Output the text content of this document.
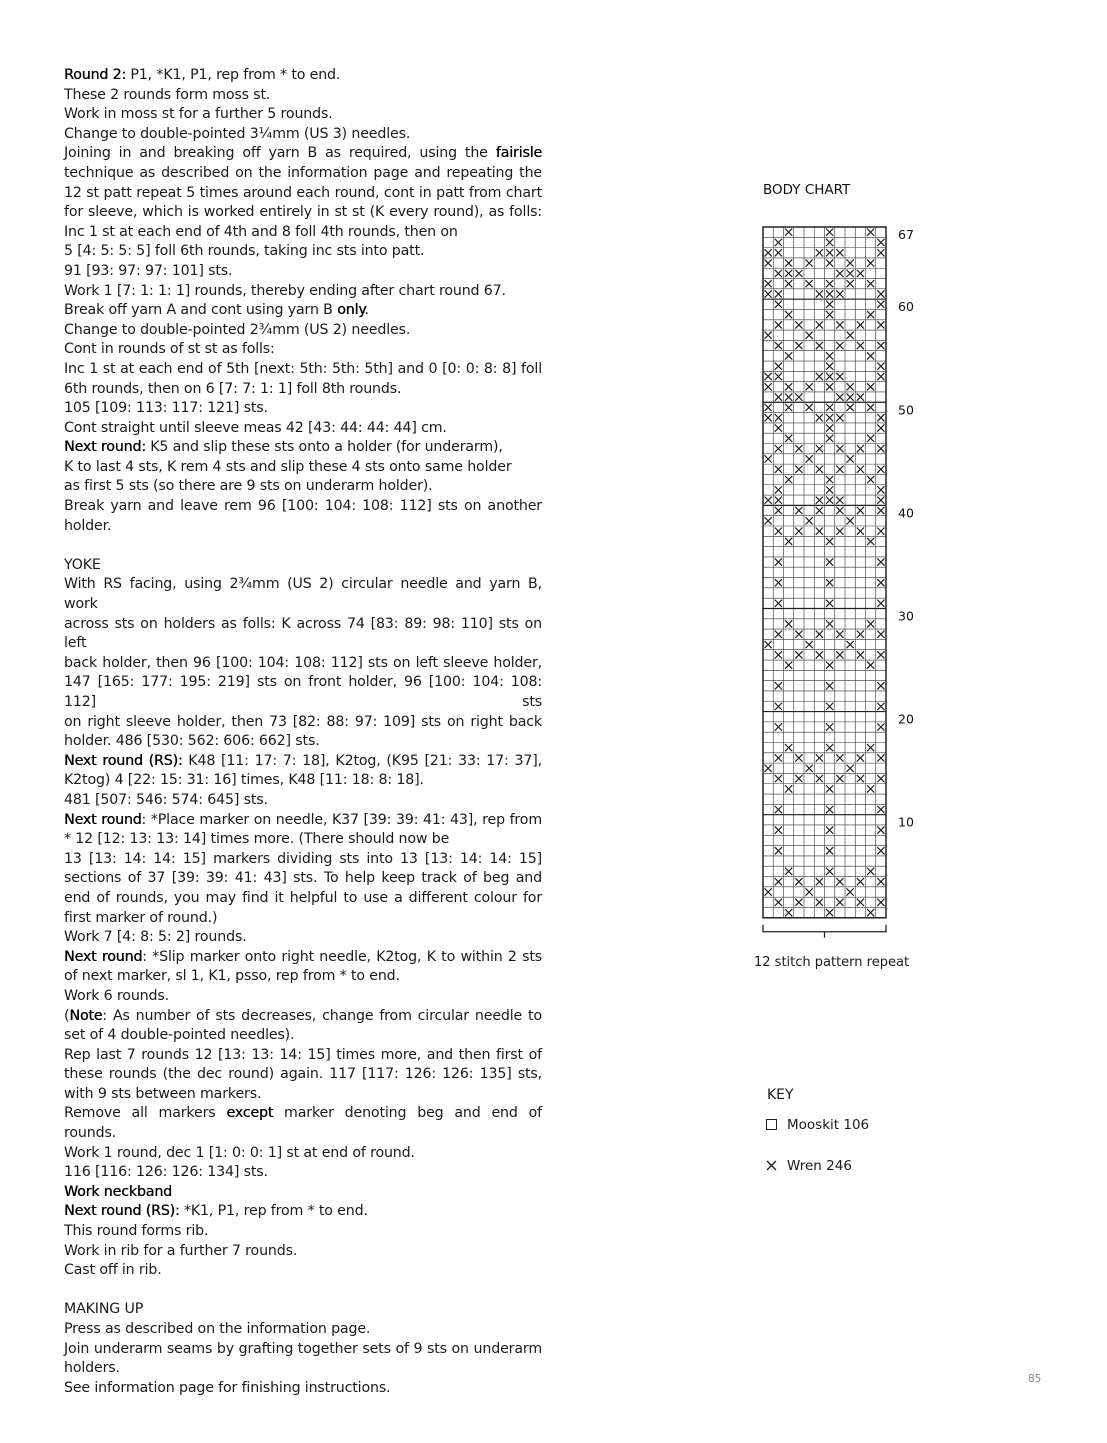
Round 2: P1, *K1, P1, rep from * to end.
These 2 rounds form moss st.
Work in moss st for a further 5 rounds.
Change to double-pointed 3¼mm (US 3) needles.
Joining in and breaking off yarn B as required, using the fairisle
technique as described on the information page and repeating the
12 st patt repeat 5 times around each round, cont in patt from chart
for sleeve, which is worked entirely in st st (K every round), as folls:
Inc 1 st at each end of 4th and 8 foll 4th rounds, then on
5 [4: 5: 5: 5] foll 6th rounds, taking inc sts into patt.
91 [93: 97: 97: 101] sts.
Work 1 [7: 1: 1: 1] rounds, thereby ending after chart round 67.
Break off yarn A and cont using yarn B only.
Change to double-pointed 2¾mm (US 2) needles.
Cont in rounds of st st as folls:
Inc 1 st at each end of 5th [next: 5th: 5th: 5th] and 0 [0: 0: 8: 8] foll
6th rounds, then on 6 [7: 7: 1: 1] foll 8th rounds.
105 [109: 113: 117: 121] sts.
Cont straight until sleeve meas 42 [43: 44: 44: 44] cm.
Next round: K5 and slip these sts onto a holder (for underarm),
K to last 4 sts, K rem 4 sts and slip these 4 sts onto same holder
as first 5 sts (so there are 9 sts on underarm holder).
Break yarn and leave rem 96 [100: 104: 108: 112] sts on another
holder.
YOKE
With RS facing, using 2¾mm (US 2) circular needle and yarn B, work
across sts on holders as folls: K across 74 [83: 89: 98: 110] sts on left
back holder, then 96 [100: 104: 108: 112] sts on left sleeve holder,
147 [165: 177: 195: 219] sts on front holder, 96 [100: 104: 108: 112] sts
on right sleeve holder, then 73 [82: 88: 97: 109] sts on right back
holder. 486 [530: 562: 606: 662] sts.
Next round (RS): K48 [11: 17: 7: 18], K2tog, (K95 [21: 33: 17: 37],
K2tog) 4 [22: 15: 31: 16] times, K48 [11: 18: 8: 18].
481 [507: 546: 574: 645] sts.
Next round: *Place marker on needle, K37 [39: 39: 41: 43], rep from
* 12 [12: 13: 13: 14] times more. (There should now be
13 [13: 14: 14: 15] markers dividing sts into 13 [13: 14: 14: 15]
sections of 37 [39: 39: 41: 43] sts. To help keep track of beg and
end of rounds, you may find it helpful to use a different colour for
first marker of round.)
Work 7 [4: 8: 5: 2] rounds.
Next round: *Slip marker onto right needle, K2tog, K to within 2 sts
of next marker, sl 1, K1, psso, rep from * to end.
Work 6 rounds.
(Note: As number of sts decreases, change from circular needle to
set of 4 double-pointed needles).
Rep last 7 rounds 12 [13: 13: 14: 15] times more, and then first of
these rounds (the dec round) again. 117 [117: 126: 126: 135] sts,
with 9 sts between markers.
Remove all markers except marker denoting beg and end of
rounds.
Work 1 round, dec 1 [1: 0: 0: 1] st at end of round.
116 [116: 126: 126: 134] sts.
Work neckband
Next round (RS): *K1, P1, rep from * to end.
This round forms rib.
Work in rib for a further 7 rounds.
Cast off in rib.
MAKING UP
Press as described on the information page.
Join underarm seams by grafting together sets of 9 sts on underarm
holders.
See information page for finishing instructions.
BODY CHART
67
60
50
40
30
20
10
12 stitch pattern repeat
KEY
Mooskit 106
Wren 246
85
